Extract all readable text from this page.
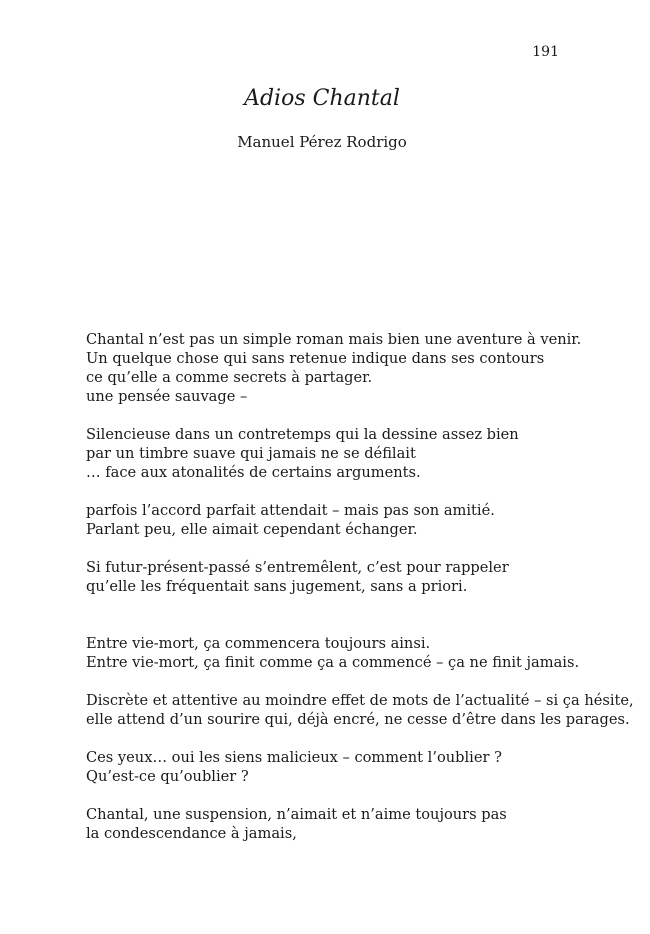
191
Adios Chantal
Manuel Pérez Rodrigo
Chantal n’est pas un simple roman mais bien une aventure à venir.
Un quelque chose qui sans retenue indique dans ses contours
ce qu’elle a comme secrets à partager.
une pensée sauvage –
Silencieuse dans un contretemps qui la dessine assez bien
par un timbre suave qui jamais ne se défilait
… face aux atonalités de certains arguments.
parfois l’accord parfait attendait – mais pas son amitié.
Parlant peu, elle aimait cependant échanger.
Si futur-présent-passé s’entremêlent, c’est pour rappeler
qu’elle les fréquentait sans jugement, sans a priori.
Entre vie-mort, ça commencera toujours ainsi.
Entre vie-mort, ça finit comme ça a commencé – ça ne finit jamais.
Discrète et attentive au moindre effet de mots de l’actualité – si ça hésite,
elle attend d’un sourire qui, déjà encré, ne cesse d’être dans les parages.
Ces yeux… oui les siens malicieux – comment l’oublier ?
Qu’est-ce qu’oublier ?
Chantal, une suspension, n’aimait et n’aime toujours pas
la condescendance à jamais,
